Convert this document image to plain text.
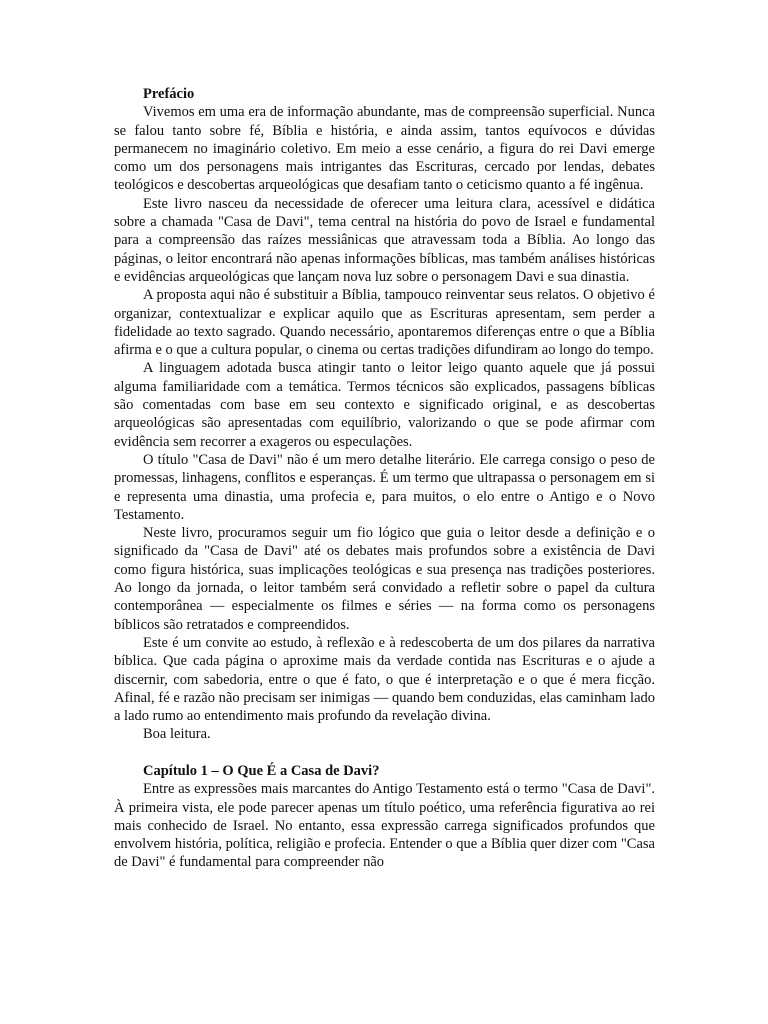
Prefácio

Vivemos em uma era de informação abundante, mas de compreensão superficial. Nunca se falou tanto sobre fé, Bíblia e história, e ainda assim, tantos equívocos e dúvidas permanecem no imaginário coletivo. Em meio a esse cenário, a figura do rei Davi emerge como um dos personagens mais intrigantes das Escrituras, cercado por lendas, debates teológicos e descobertas arqueológicas que desafiam tanto o ceticismo quanto a fé ingênua.

Este livro nasceu da necessidade de oferecer uma leitura clara, acessível e didática sobre a chamada "Casa de Davi", tema central na história do povo de Israel e fundamental para a compreensão das raízes messiânicas que atravessam toda a Bíblia. Ao longo das páginas, o leitor encontrará não apenas informações bíblicas, mas também análises históricas e evidências arqueológicas que lançam nova luz sobre o personagem Davi e sua dinastia.

A proposta aqui não é substituir a Bíblia, tampouco reinventar seus relatos. O objetivo é organizar, contextualizar e explicar aquilo que as Escrituras apresentam, sem perder a fidelidade ao texto sagrado. Quando necessário, apontaremos diferenças entre o que a Bíblia afirma e o que a cultura popular, o cinema ou certas tradições difundiram ao longo do tempo.

A linguagem adotada busca atingir tanto o leitor leigo quanto aquele que já possui alguma familiaridade com a temática. Termos técnicos são explicados, passagens bíblicas são comentadas com base em seu contexto e significado original, e as descobertas arqueológicas são apresentadas com equilíbrio, valorizando o que se pode afirmar com evidência sem recorrer a exageros ou especulações.

O título "Casa de Davi" não é um mero detalhe literário. Ele carrega consigo o peso de promessas, linhagens, conflitos e esperanças. É um termo que ultrapassa o personagem em si e representa uma dinastia, uma profecia e, para muitos, o elo entre o Antigo e o Novo Testamento.

Neste livro, procuramos seguir um fio lógico que guia o leitor desde a definição e o significado da "Casa de Davi" até os debates mais profundos sobre a existência de Davi como figura histórica, suas implicações teológicas e sua presença nas tradições posteriores. Ao longo da jornada, o leitor também será convidado a refletir sobre o papel da cultura contemporânea — especialmente os filmes e séries — na forma como os personagens bíblicos são retratados e compreendidos.

Este é um convite ao estudo, à reflexão e à redescoberta de um dos pilares da narrativa bíblica. Que cada página o aproxime mais da verdade contida nas Escrituras e o ajude a discernir, com sabedoria, entre o que é fato, o que é interpretação e o que é mera ficção. Afinal, fé e razão não precisam ser inimigas — quando bem conduzidas, elas caminham lado a lado rumo ao entendimento mais profundo da revelação divina.

Boa leitura.

Capítulo 1 – O Que É a Casa de Davi?

Entre as expressões mais marcantes do Antigo Testamento está o termo "Casa de Davi". À primeira vista, ele pode parecer apenas um título poético, uma referência figurativa ao rei mais conhecido de Israel. No entanto, essa expressão carrega significados profundos que envolvem história, política, religião e profecia. Entender o que a Bíblia quer dizer com "Casa de Davi" é fundamental para compreender não
